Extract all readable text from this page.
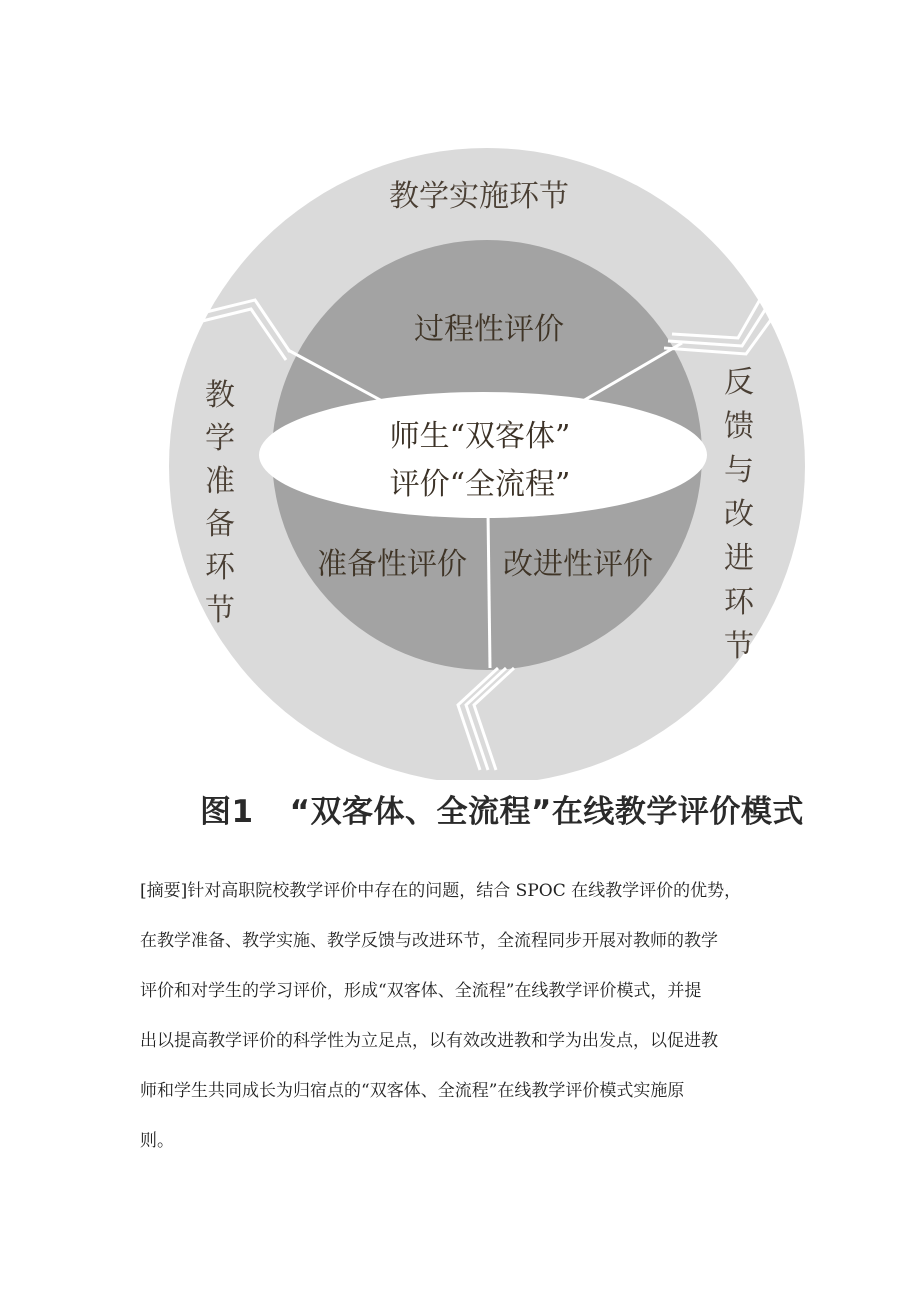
教学实施环节
教学准备环节
反馈与改进环节
过程性评价
准备性评价 改进性评价
师生“双客体”
评价“全流程”
图1 “双客体、全流程”在线教学评价模式

[摘要]针对高职院校教学评价中存在的问题，结合 SPOC 在线教学评价的优势，
在教学准备、教学实施、教学反馈与改进环节，全流程同步开展对教师的教学
评价和对学生的学习评价，形成“双客体、全流程”在线教学评价模式，并提
出以提高教学评价的科学性为立足点，以有效改进教和学为出发点，以促进教
师和学生共同成长为归宿点的“双客体、全流程”在线教学评价模式实施原
则。
